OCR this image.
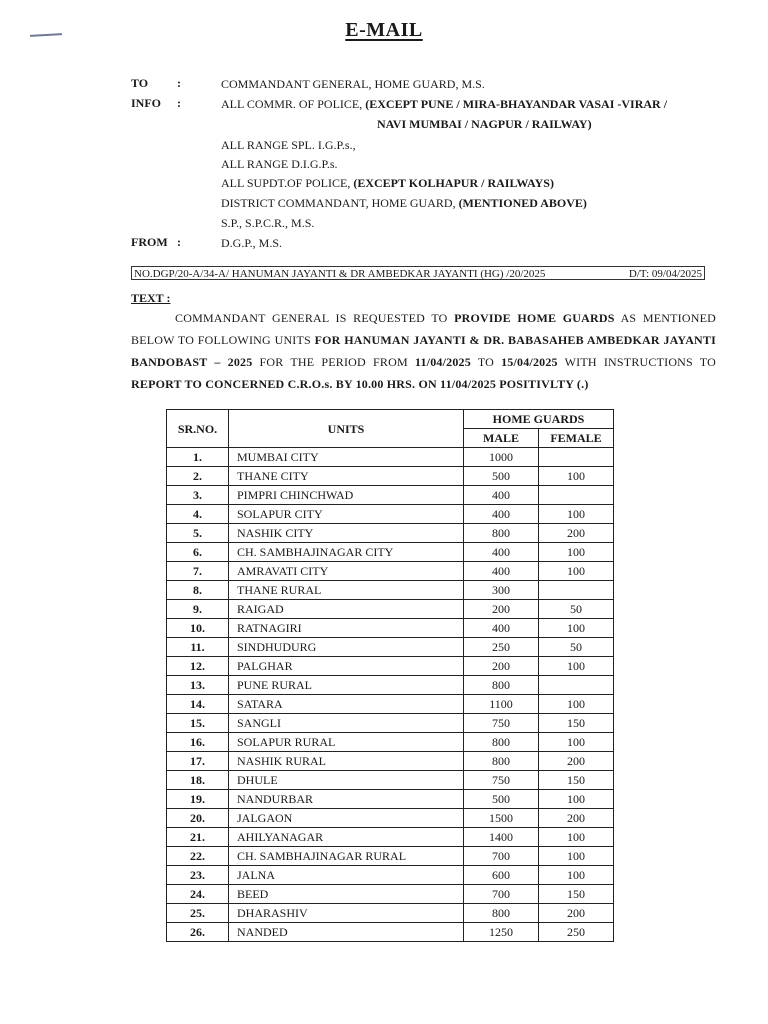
E-MAIL
TO :	COMMANDANT GENERAL, HOME GUARD, M.S.
INFO :	ALL COMMR. OF POLICE, (EXCEPT PUNE / MIRA-BHAYANDAR VASAI -VIRAR /
NAVI MUMBAI / NAGPUR / RAILWAY)
ALL RANGE SPL. I.G.P.s.,
ALL RANGE D.I.G.P.s.
ALL SUPDT.OF POLICE, (EXCEPT KOLHAPUR / RAILWAYS)
DISTRICT COMMANDANT, HOME GUARD, (MENTIONED ABOVE)
S.P., S.P.C.R., M.S.
FROM :	D.G.P., M.S.
NO.DGP/20-A/34-A/ HANUMAN JAYANTI & DR AMBEDKAR JAYANTI (HG) /20/2025	D/T: 09/04/2025
TEXT :
COMMANDANT GENERAL IS REQUESTED TO PROVIDE HOME GUARDS AS MENTIONED BELOW TO FOLLOWING UNITS FOR HANUMAN JAYANTI & DR. BABASAHEB AMBEDKAR JAYANTI BANDOBAST – 2025 FOR THE PERIOD FROM 11/04/2025 TO 15/04/2025 WITH INSTRUCTIONS TO REPORT TO CONCERNED C.R.O.s. BY 10.00 HRS. ON 11/04/2025 POSITIVLTY (.)
SR.NO.	UNITS	HOME GUARDS	
		MALE	FEMALE
1.	MUMBAI CITY	1000	
2.	THANE CITY	500	100
3.	PIMPRI CHINCHWAD	400	
4.	SOLAPUR CITY	400	100
5.	NASHIK CITY	800	200
6.	CH. SAMBHAJINAGAR CITY	400	100
7.	AMRAVATI CITY	400	100
8.	THANE RURAL	300	
9.	RAIGAD	200	50
10.	RATNAGIRI	400	100
11.	SINDHUDURG	250	50
12.	PALGHAR	200	100
13.	PUNE RURAL	800	
14.	SATARA	1100	100
15.	SANGLI	750	150
16.	SOLAPUR RURAL	800	100
17.	NASHIK RURAL	800	200
18.	DHULE	750	150
19.	NANDURBAR	500	100
20.	JALGAON	1500	200
21.	AHILYANAGAR	1400	100
22.	CH. SAMBHAJINAGAR RURAL	700	100
23.	JALNA	600	100
24.	BEED	700	150
25.	DHARASHIV	800	200
26.	NANDED	1250	250
